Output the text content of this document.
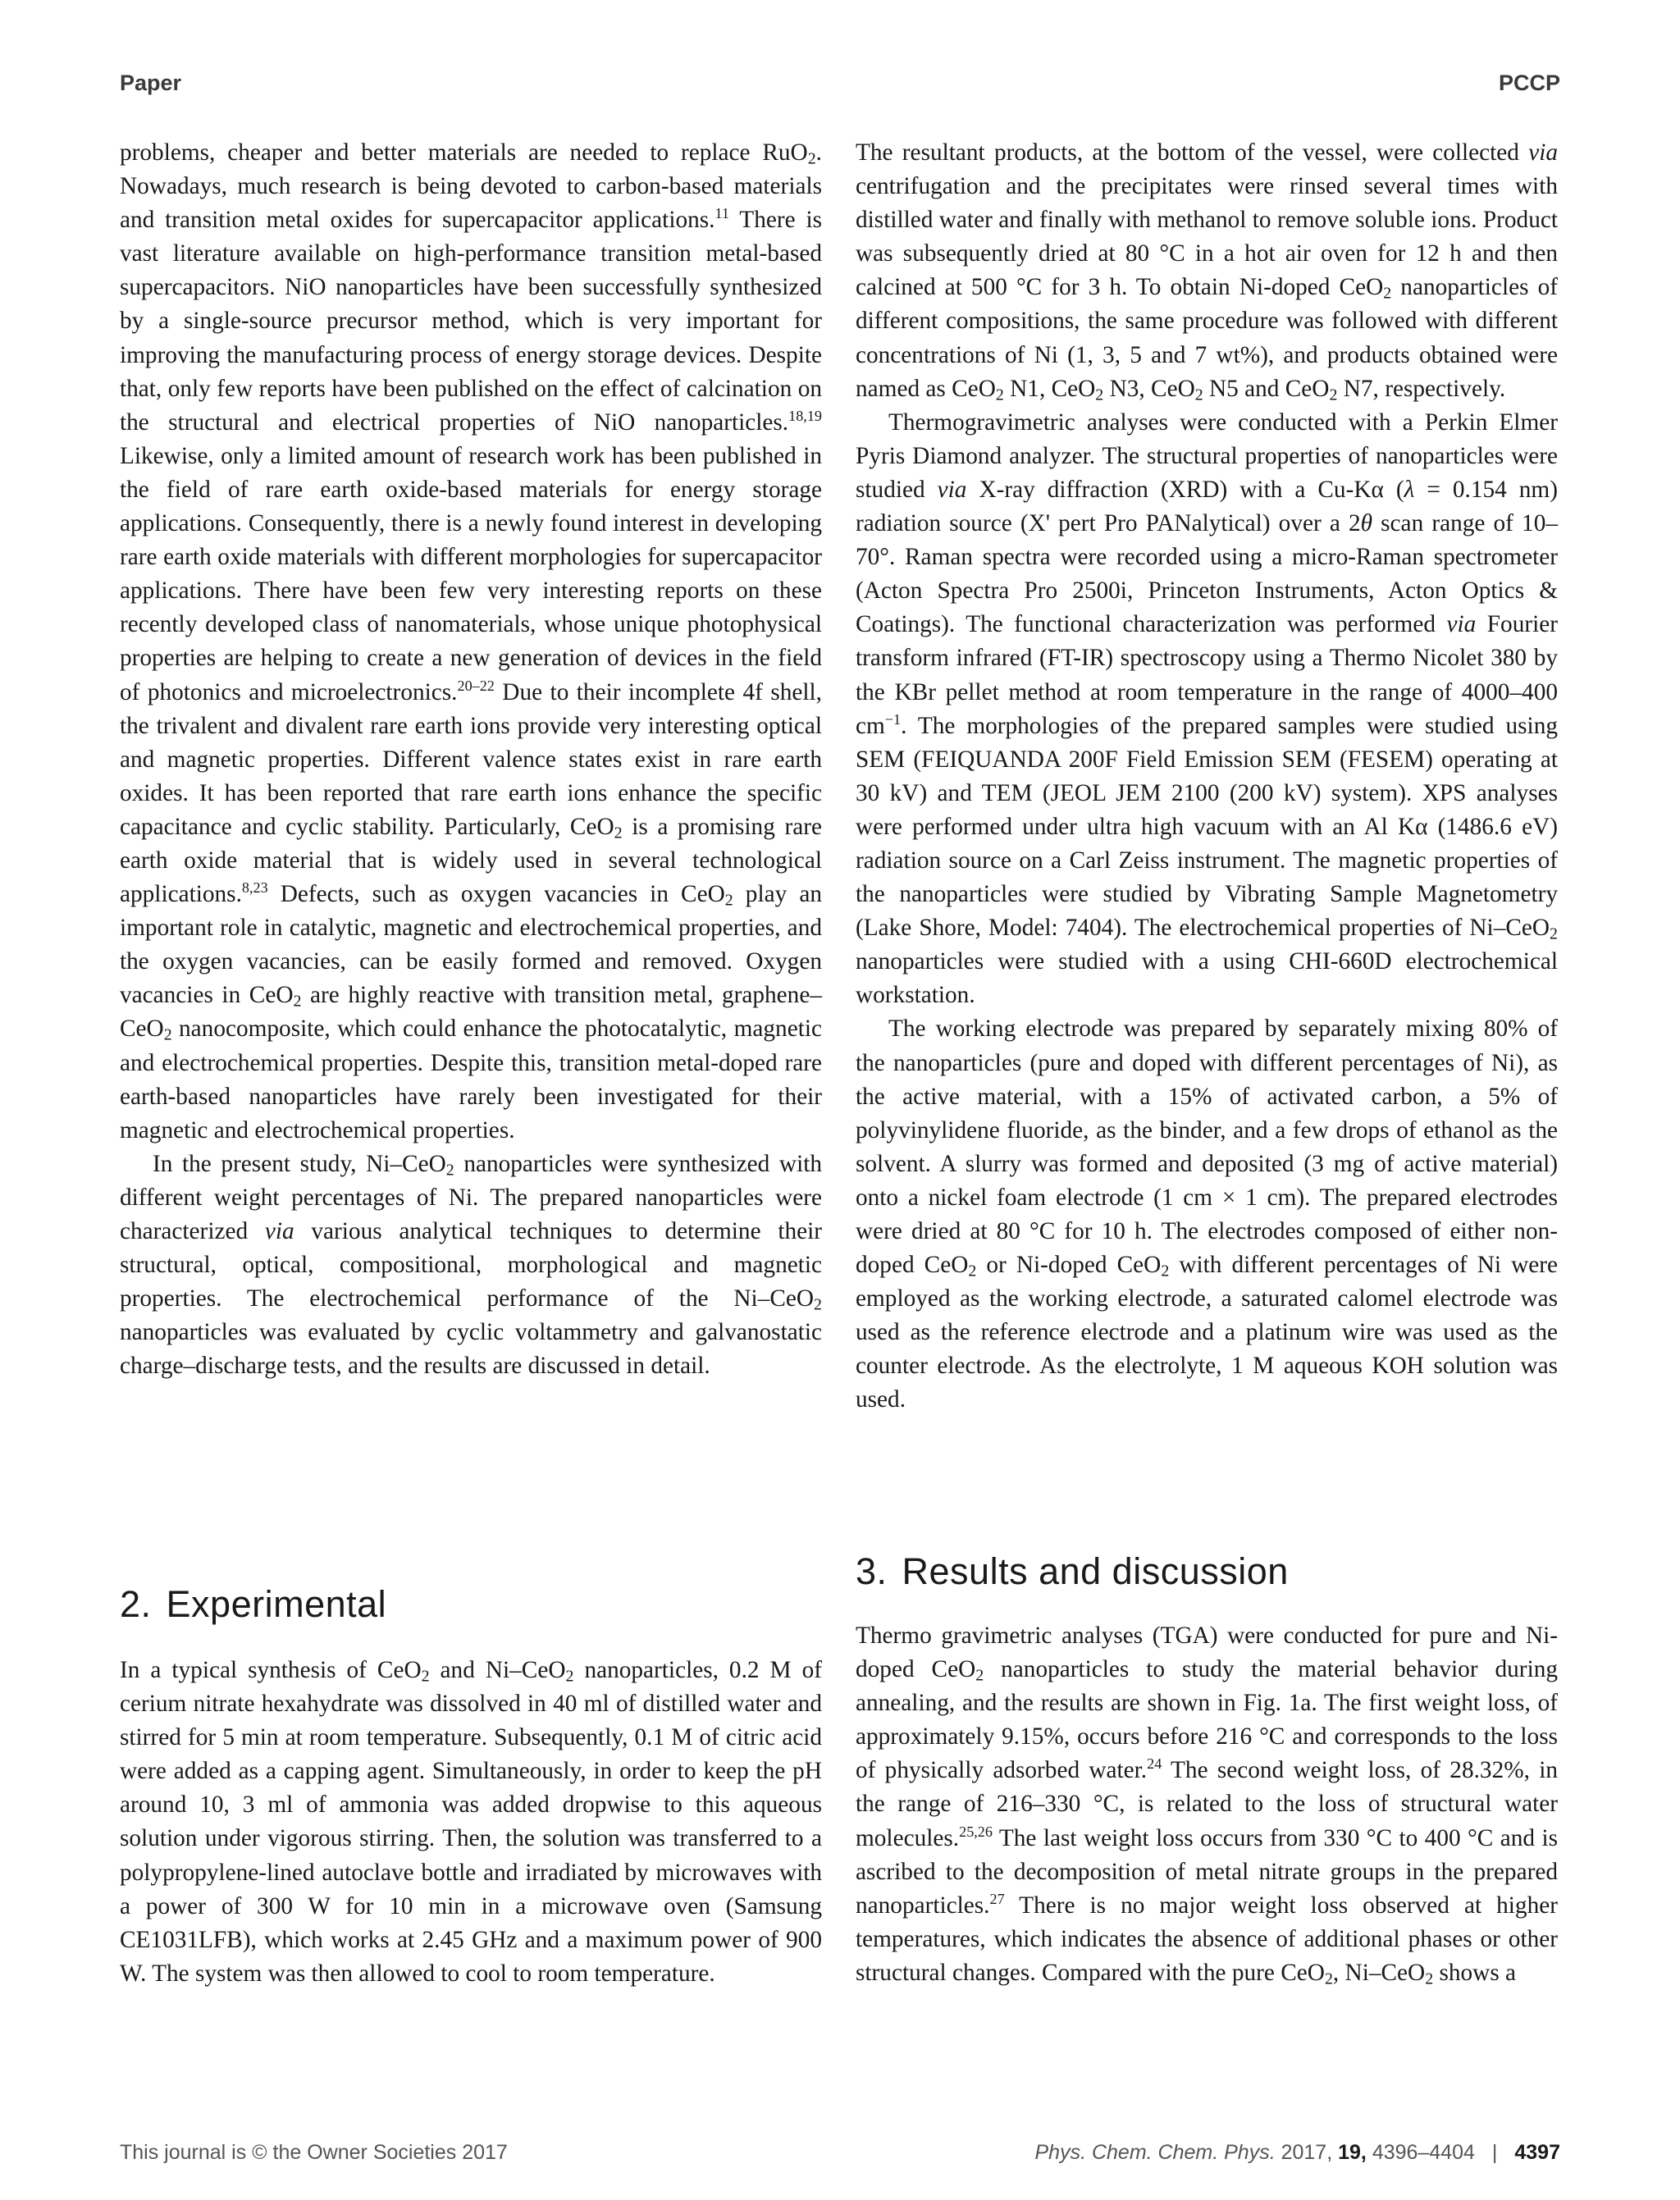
Paper	PCCP

problems, cheaper and better materials are needed to replace RuO$_2$. Nowadays, much research is being devoted to carbon-based materials and transition metal oxides for supercapacitor applications.$^{11}$ There is vast literature available on high-performance transition metal-based supercapacitors. NiO nanoparticles have been successfully synthesized by a single-source precursor method, which is very important for improving the manufacturing process of energy storage devices. Despite that, only few reports have been published on the effect of calcination on the structural and electrical properties of NiO nanoparticles.$^{18,19}$ Likewise, only a limited amount of research work has been published in the field of rare earth oxide-based materials for energy storage applications. Consequently, there is a newly found interest in developing rare earth oxide materials with different morphologies for supercapacitor applications. There have been few very interesting reports on these recently developed class of nanomaterials, whose unique photophysical properties are helping to create a new generation of devices in the field of photonics and microelectronics.$^{20-22}$ Due to their incomplete 4f shell, the trivalent and divalent rare earth ions provide very interesting optical and magnetic properties. Different valence states exist in rare earth oxides. It has been reported that rare earth ions enhance the specific capacitance and cyclic stability. Particularly, CeO$_2$ is a promising rare earth oxide material that is widely used in several technological applications.$^{8,23}$ Defects, such as oxygen vacancies in CeO$_2$ play an important role in catalytic, magnetic and electrochemical properties, and the oxygen vacancies, can be easily formed and removed. Oxygen vacancies in CeO$_2$ are highly reactive with transition metal, graphene–CeO$_2$ nanocomposite, which could enhance the photocatalytic, magnetic and electrochemical properties. Despite this, transition metal-doped rare earth-based nanoparticles have rarely been investigated for their magnetic and electrochemical properties.

In the present study, Ni–CeO$_2$ nanoparticles were synthesized with different weight percentages of Ni. The prepared nanoparticles were characterized via various analytical techniques to determine their structural, optical, compositional, morphological and magnetic properties. The electrochemical performance of the Ni–CeO$_2$ nanoparticles was evaluated by cyclic voltammetry and galvanostatic charge–discharge tests, and the results are discussed in detail.

2. Experimental

In a typical synthesis of CeO$_2$ and Ni–CeO$_2$ nanoparticles, 0.2 M of cerium nitrate hexahydrate was dissolved in 40 ml of distilled water and stirred for 5 min at room temperature. Subsequently, 0.1 M of citric acid were added as a capping agent. Simultaneously, in order to keep the pH around 10, 3 ml of ammonia was added dropwise to this aqueous solution under vigorous stirring. Then, the solution was transferred to a polypropylene-lined autoclave bottle and irradiated by microwaves with a power of 300 W for 10 min in a microwave oven (Samsung CE1031LFB), which works at 2.45 GHz and a maximum power of 900 W. The system was then allowed to cool to room temperature.

The resultant products, at the bottom of the vessel, were collected via centrifugation and the precipitates were rinsed several times with distilled water and finally with methanol to remove soluble ions. Product was subsequently dried at 80 °C in a hot air oven for 12 h and then calcined at 500 °C for 3 h. To obtain Ni-doped CeO$_2$ nanoparticles of different compositions, the same procedure was followed with different concentrations of Ni (1, 3, 5 and 7 wt%), and products obtained were named as CeO$_2$ N1, CeO$_2$ N3, CeO$_2$ N5 and CeO$_2$ N7, respectively.

Thermogravimetric analyses were conducted with a Perkin Elmer Pyris Diamond analyzer. The structural properties of nanoparticles were studied via X-ray diffraction (XRD) with a Cu-Kα (λ = 0.154 nm) radiation source (X' pert Pro PANalytical) over a 2θ scan range of 10–70°. Raman spectra were recorded using a micro-Raman spectrometer (Acton Spectra Pro 2500i, Princeton Instruments, Acton Optics & Coatings). The functional characterization was performed via Fourier transform infrared (FT-IR) spectroscopy using a Thermo Nicolet 380 by the KBr pellet method at room temperature in the range of 4000–400 $cm^{-1}$. The morphologies of the prepared samples were studied using SEM (FEIQUANDA 200F Field Emission SEM (FESEM) operating at 30 kV) and TEM (JEOL JEM 2100 (200 kV) system). XPS analyses were performed under ultra high vacuum with an Al Kα (1486.6 eV) radiation source on a Carl Zeiss instrument. The magnetic properties of the nanoparticles were studied by Vibrating Sample Magnetometry (Lake Shore, Model: 7404). The electrochemical properties of Ni–CeO$_2$ nanoparticles were studied with a using CHI-660D electrochemical workstation.

The working electrode was prepared by separately mixing 80% of the nanoparticles (pure and doped with different percentages of Ni), as the active material, with a 15% of activated carbon, a 5% of polyvinylidene fluoride, as the binder, and a few drops of ethanol as the solvent. A slurry was formed and deposited (3 mg of active material) onto a nickel foam electrode (1 cm × 1 cm). The prepared electrodes were dried at 80 °C for 10 h. The electrodes composed of either non-doped CeO$_2$ or Ni-doped CeO$_2$ with different percentages of Ni were employed as the working electrode, a saturated calomel electrode was used as the reference electrode and a platinum wire was used as the counter electrode. As the electrolyte, 1 M aqueous KOH solution was used.

3. Results and discussion

Thermo gravimetric analyses (TGA) were conducted for pure and Ni-doped CeO$_2$ nanoparticles to study the material behavior during annealing, and the results are shown in Fig. 1a. The first weight loss, of approximately 9.15%, occurs before 216 °C and corresponds to the loss of physically adsorbed water.$^{24}$ The second weight loss, of 28.32%, in the range of 216–330 °C, is related to the loss of structural water molecules.$^{25,26}$ The last weight loss occurs from 330 °C to 400 °C and is ascribed to the decomposition of metal nitrate groups in the prepared nanoparticles.$^{27}$ There is no major weight loss observed at higher temperatures, which indicates the absence of additional phases or other structural changes. Compared with the pure CeO$_2$, Ni–CeO$_2$ shows a

This journal is © the Owner Societies 2017	Phys. Chem. Chem. Phys. 2017, 19, 4396–4404 | 4397
